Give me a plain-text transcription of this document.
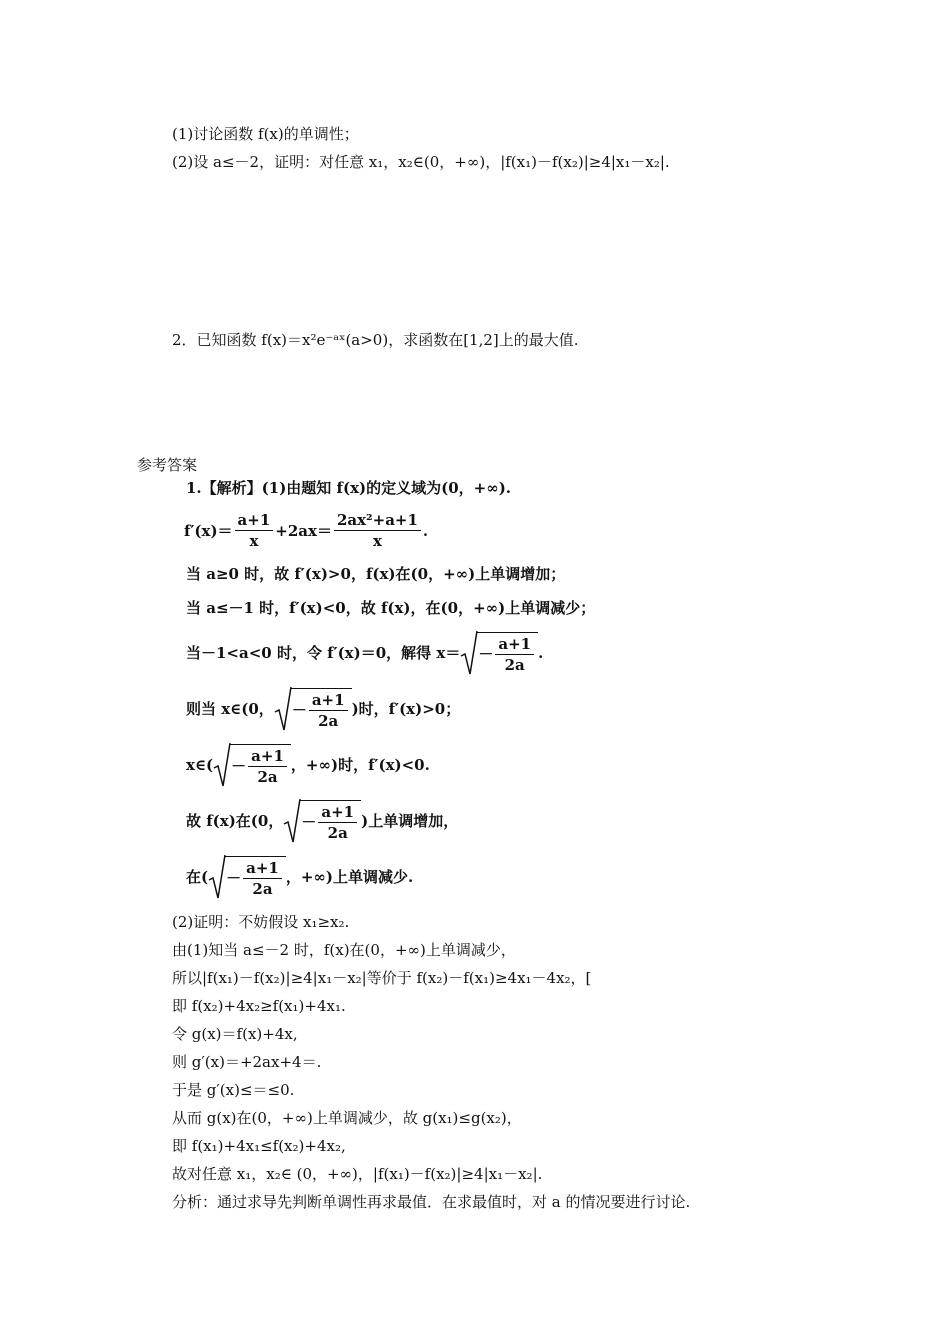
(1)讨论函数 f(x)的单调性；
(2)设 a≤－2，证明：对任意 x₁，x₂∈(0，+∞)，|f(x₁)－f(x₂)|≥4|x₁－x₂|.
2．已知函数 f(x)＝x²e⁻ᵃˣ(a>0)，求函数在[1,2]上的最大值.
参考答案
1.【解析】(1)由题知 f(x)的定义域为(0，+∞).
$f'(x)= \frac{a+1}{x} +2ax= \frac{\text{2ax²+a+1}}{x}$ .
当 a≥0 时，故 f′(x)>0，f(x)在(0，+∞)上单调增加；
当 a≤－1 时，f′(x)<0，故 f(x)，在(0，+∞)上单调减少；
当－1<a<0 时，令 f′(x)＝0，解得 $x= - \frac{a+1}{2a}$ .
则当 x∈(0， － $\frac{a+1}{2a}$ )时，f′(x)>0；
x∈( － $\frac{a+1}{2a}$ ，+∞)时，f′(x)<0.
故 f(x)在(0， － $\frac{a+1}{2a}$ )上单调增加，
在( － $\frac{a+1}{2a}$ ，+∞)上单调减少.
(2)证明：不妨假设 x₁≥x₂.
由(1)知当 a≤－2 时，f(x)在(0，+∞)上单调减少，
所以|f(x₁)－f(x₂)|≥4|x₁－x₂|等价于 f(x₂)－f(x₁)≥4x₁－4x₂，[
即 f(x₂)+4x₂≥f(x₁)+4x₁.
令 g(x)＝f(x)+4x,
则 g′(x)＝+2ax+4＝.
于是 g′(x)≤＝≤0.
从而 g(x)在(0，+∞)上单调减少，故 g(x₁)≤g(x₂)，
即 f(x₁)+4x₁≤f(x₂)+4x₂,
故对任意 x₁，x₂∈ (0，+∞)，|f(x₁)－f(x₂)|≥4|x₁－x₂|.
分析：通过求导先判断单调性再求最值．在求最值时，对 a 的情况要进行讨论.
